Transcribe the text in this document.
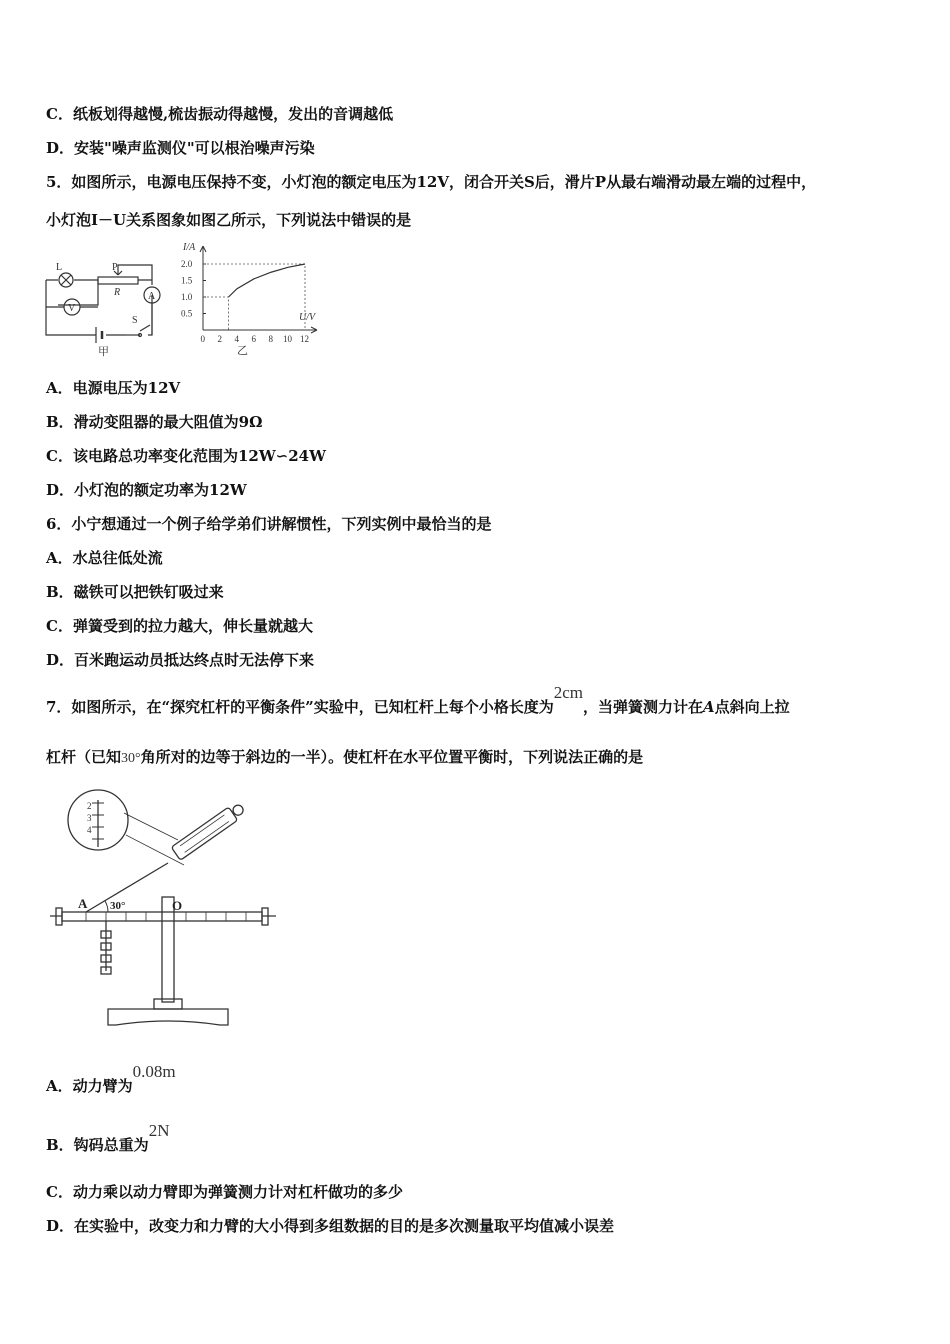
C．纸板划得越慢,梳齿振动得越慢，发出的音调越低
D．安装"噪声监测仪"可以根治噪声污染
5．如图所示，电源电压保持不变，小灯泡的额定电压为12V，闭合开关S后，滑片P从最右端滑动最左端的过程中，
小灯泡I－U关系图象如图乙所示，下列说法中错误的是
L
V
P
R	A
S
甲
0.5
1.0
1.5
2.0
0 2 4 6 8 10 12
I/A
U/V
乙
A．电源电压为12V
B．滑动变阻器的最大阻值为9Ω
C．该电路总功率变化范围为12W∽24W
D．小灯泡的额定功率为12W
6．小宁想通过一个例子给学弟们讲解惯性，下列实例中最恰当的是
A．水总往低处流
B．磁铁可以把铁钉吸过来
C．弹簧受到的拉力越大，伸长量就越大
D．百米跑运动员抵达终点时无法停下来
7．如图所示，在“探究杠杆的平衡条件”实验中，已知杠杆上每个小格长度为2cm，当弹簧测力计在A点斜向上拉
杠杆（已知30°角所对的边等于斜边的一半）。使杠杆在水平位置平衡时，下列说法正确的是
2
3
4
A	O
30°
A．动力臂为0.08m
B．钩码总重为2N
C．动力乘以动力臂即为弹簧测力计对杠杆做功的多少
D．在实验中，改变力和力臂的大小得到多组数据的目的是多次测量取平均值减小误差
